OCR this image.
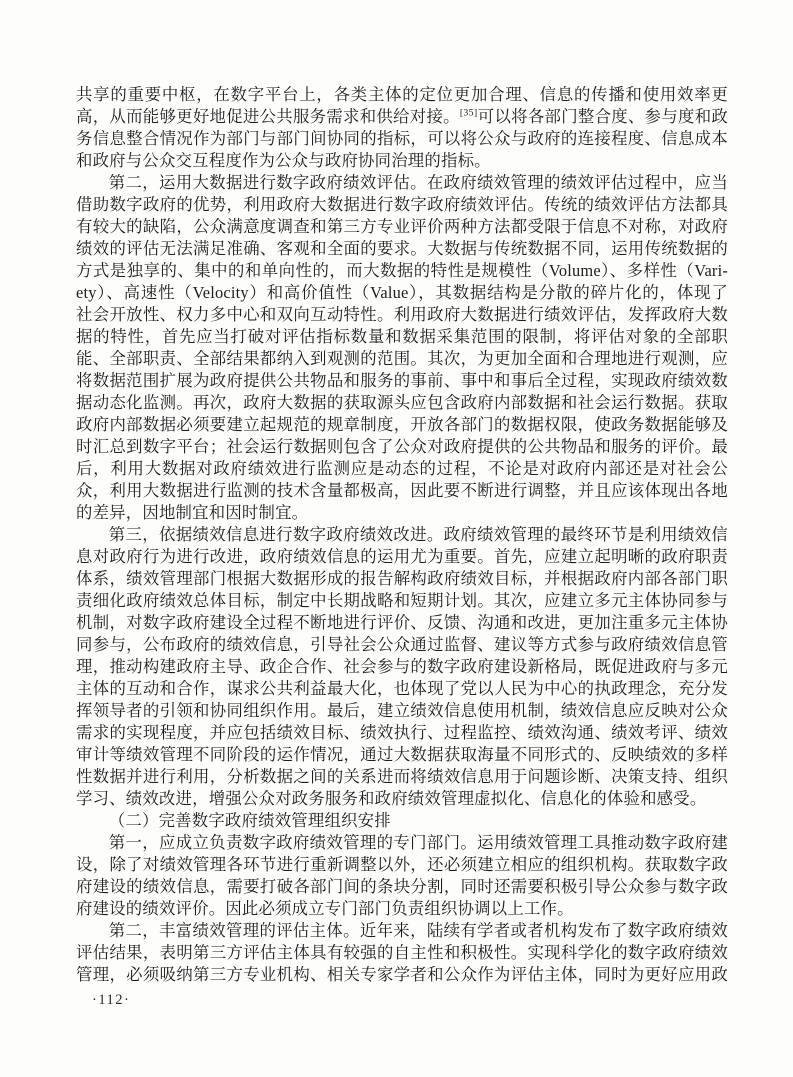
共享的重要中枢，在数字平台上，各类主体的定位更加合理、信息的传播和使用效率更
高，从而能够更好地促进公共服务需求和供给对接。[35]可以将各部门整合度、参与度和政
务信息整合情况作为部门与部门间协同的指标，可以将公众与政府的连接程度、信息成本
和政府与公众交互程度作为公众与政府协同治理的指标。
第二，运用大数据进行数字政府绩效评估。在政府绩效管理的绩效评估过程中，应当
借助数字政府的优势，利用政府大数据进行数字政府绩效评估。传统的绩效评估方法都具
有较大的缺陷，公众满意度调查和第三方专业评价两种方法都受限于信息不对称，对政府
绩效的评估无法满足准确、客观和全面的要求。大数据与传统数据不同，运用传统数据的
方式是独享的、集中的和单向性的，而大数据的特性是规模性（Volume）、多样性（Vari-
ety）、高速性（Velocity）和高价值性（Value），其数据结构是分散的碎片化的，体现了
社会开放性、权力多中心和双向互动特性。利用政府大数据进行绩效评估，发挥政府大数
据的特性，首先应当打破对评估指标数量和数据采集范围的限制，将评估对象的全部职
能、全部职责、全部结果都纳入到观测的范围。其次，为更加全面和合理地进行观测，应
将数据范围扩展为政府提供公共物品和服务的事前、事中和事后全过程，实现政府绩效数
据动态化监测。再次，政府大数据的获取源头应包含政府内部数据和社会运行数据。获取
政府内部数据必须要建立起规范的规章制度，开放各部门的数据权限，使政务数据能够及
时汇总到数字平台；社会运行数据则包含了公众对政府提供的公共物品和服务的评价。最
后，利用大数据对政府绩效进行监测应是动态的过程，不论是对政府内部还是对社会公
众，利用大数据进行监测的技术含量都极高，因此要不断进行调整，并且应该体现出各地
的差异，因地制宜和因时制宜。
第三，依据绩效信息进行数字政府绩效改进。政府绩效管理的最终环节是利用绩效信
息对政府行为进行改进，政府绩效信息的运用尤为重要。首先，应建立起明晰的政府职责
体系，绩效管理部门根据大数据形成的报告解构政府绩效目标，并根据政府内部各部门职
责细化政府绩效总体目标，制定中长期战略和短期计划。其次，应建立多元主体协同参与
机制，对数字政府建设全过程不断地进行评价、反馈、沟通和改进，更加注重多元主体协
同参与，公布政府的绩效信息，引导社会公众通过监督、建议等方式参与政府绩效信息管
理，推动构建政府主导、政企合作、社会参与的数字政府建设新格局，既促进政府与多元
主体的互动和合作，谋求公共利益最大化，也体现了党以人民为中心的执政理念，充分发
挥领导者的引领和协同组织作用。最后，建立绩效信息使用机制，绩效信息应反映对公众
需求的实现程度，并应包括绩效目标、绩效执行、过程监控、绩效沟通、绩效考评、绩效
审计等绩效管理不同阶段的运作情况，通过大数据获取海量不同形式的、反映绩效的多样
性数据并进行利用，分析数据之间的关系进而将绩效信息用于问题诊断、决策支持、组织
学习、绩效改进，增强公众对政务服务和政府绩效管理虚拟化、信息化的体验和感受。
（二）完善数字政府绩效管理组织安排
第一，应成立负责数字政府绩效管理的专门部门。运用绩效管理工具推动数字政府建
设，除了对绩效管理各环节进行重新调整以外，还必须建立相应的组织机构。获取数字政
府建设的绩效信息，需要打破各部门间的条块分割，同时还需要积极引导公众参与数字政
府建设的绩效评价。因此必须成立专门部门负责组织协调以上工作。
第二，丰富绩效管理的评估主体。近年来，陆续有学者或者机构发布了数字政府绩效
评估结果，表明第三方评估主体具有较强的自主性和积极性。实现科学化的数字政府绩效
管理，必须吸纳第三方专业机构、相关专家学者和公众作为评估主体，同时为更好应用政
·112·
